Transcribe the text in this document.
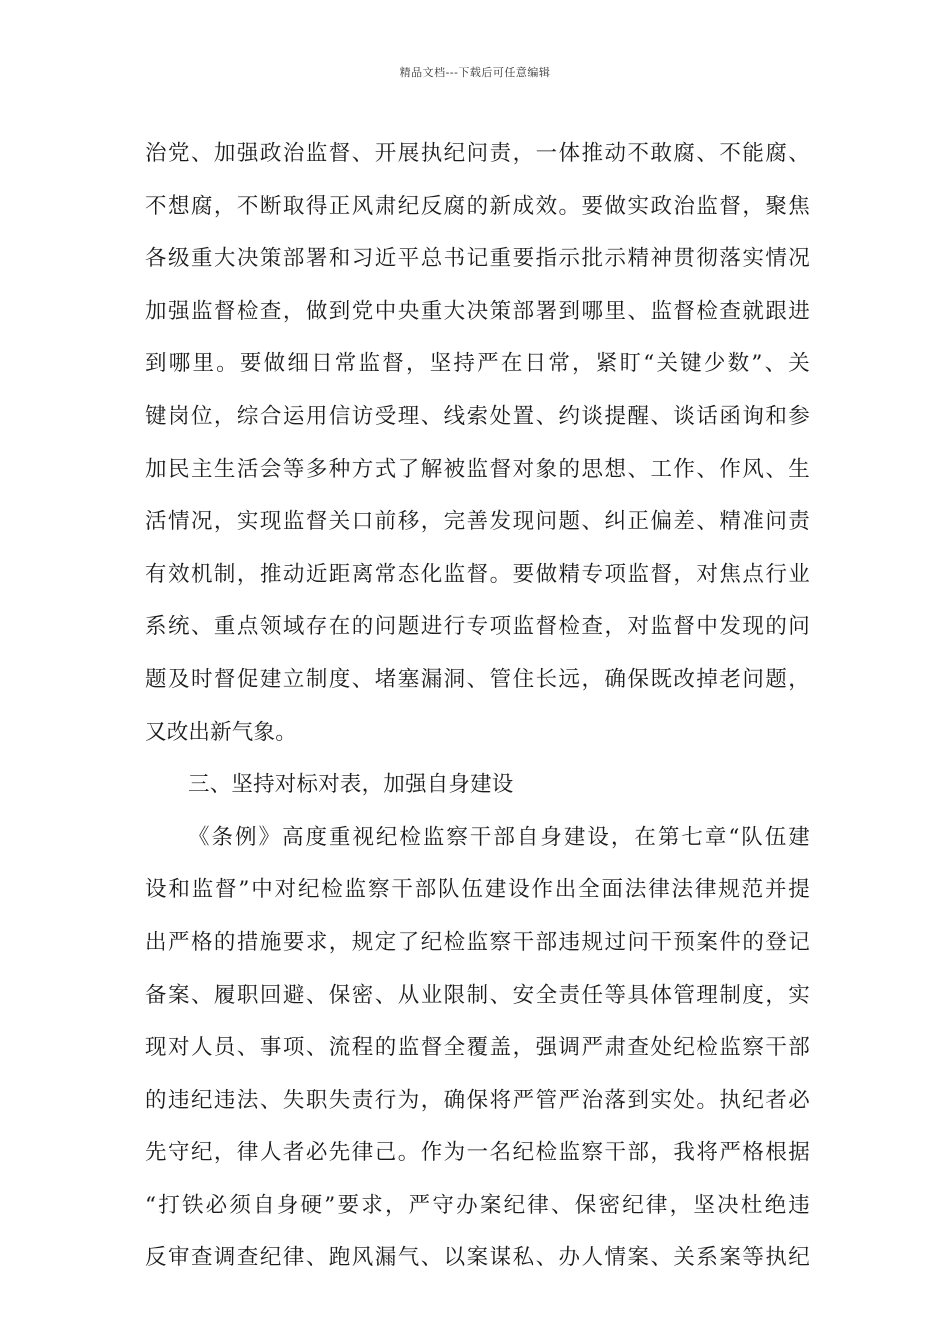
精品文档---下载后可任意编辑
治党、加强政治监督、开展执纪问责，一体推动不敢腐、不能腐、
不想腐，不断取得正风肃纪反腐的新成效。要做实政治监督，聚焦
各级重大决策部署和习近平总书记重要指示批示精神贯彻落实情况
加强监督检查，做到党中央重大决策部署到哪里、监督检查就跟进
到哪里。要做细日常监督，坚持严在日常，紧盯“关键少数”、关
键岗位，综合运用信访受理、线索处置、约谈提醒、谈话函询和参
加民主生活会等多种方式了解被监督对象的思想、工作、作风、生
活情况，实现监督关口前移，完善发现问题、纠正偏差、精准问责
有效机制，推动近距离常态化监督。要做精专项监督，对焦点行业
系统、重点领域存在的问题进行专项监督检查，对监督中发现的问
题及时督促建立制度、堵塞漏洞、管住长远，确保既改掉老问题，
又改出新气象。
三、坚持对标对表，加强自身建设
《条例》高度重视纪检监察干部自身建设，在第七章“队伍建
设和监督”中对纪检监察干部队伍建设作出全面法律法律规范并提
出严格的措施要求，规定了纪检监察干部违规过问干预案件的登记
备案、履职回避、保密、从业限制、安全责任等具体管理制度，实
现对人员、事项、流程的监督全覆盖，强调严肃查处纪检监察干部
的违纪违法、失职失责行为，确保将严管严治落到实处。执纪者必
先守纪，律人者必先律己。作为一名纪检监察干部，我将严格根据
“打铁必须自身硬”要求，严守办案纪律、保密纪律，坚决杜绝违
反审查调查纪律、跑风漏气、以案谋私、办人情案、关系案等执纪
